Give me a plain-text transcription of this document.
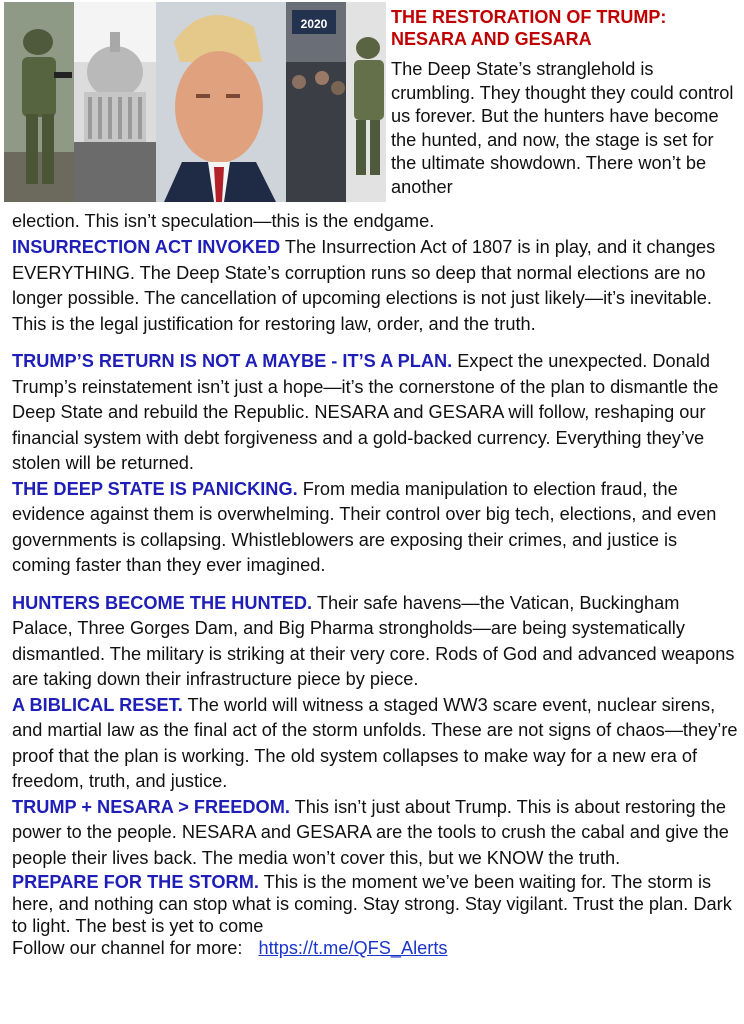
2020	THE RESTORATION OF TRUMP:
NESARA AND GESARA

The Deep State’s stranglehold is crumbling. They thought they could control us forever. But the hunters have become the hunted, and now, the stage is set for the ultimate showdown. There won’t be another

election. This isn’t speculation—this is the endgame.

INSURRECTION ACT INVOKED The Insurrection Act of 1807 is in play, and it changes EVERYTHING. The Deep State’s corruption runs so deep that normal elections are no longer possible. The cancellation of upcoming elections is not just likely—it’s inevitable. This is the legal justification for restoring law, order, and the truth.

TRUMP’S RETURN IS NOT A MAYBE - IT’S A PLAN. Expect the unexpected. Donald Trump’s reinstatement isn’t just a hope—it’s the cornerstone of the plan to dismantle the Deep State and rebuild the Republic. NESARA and GESARA will follow, reshaping our financial system with debt forgiveness and a gold-backed currency. Everything they’ve stolen will be returned.

THE DEEP STATE IS PANICKING. From media manipulation to election fraud, the evidence against them is overwhelming. Their control over big tech, elections, and even governments is collapsing. Whistleblowers are exposing their crimes, and justice is coming faster than they ever imagined.

HUNTERS BECOME THE HUNTED. Their safe havens—the Vatican, Buckingham Palace, Three Gorges Dam, and Big Pharma strongholds—are being systematically dismantled. The military is striking at their very core. Rods of God and advanced weapons are taking down their infrastructure piece by piece.

A BIBLICAL RESET. The world will witness a staged WW3 scare event, nuclear sirens, and martial law as the final act of the storm unfolds. These are not signs of chaos—they’re proof that the plan is working. The old system collapses to make way for a new era of freedom, truth, and justice.

TRUMP + NESARA > FREEDOM. This isn’t just about Trump. This is about restoring the power to the people. NESARA and GESARA are the tools to crush the cabal and give the people their lives back. The media won’t cover this, but we KNOW the truth.

PREPARE FOR THE STORM. This is the moment we’ve been waiting for. The storm is here, and nothing can stop what is coming. Stay strong. Stay vigilant. Trust the plan. Dark to light. The best is yet to come

Follow our channel for more: https://t.me/QFS_Alerts
